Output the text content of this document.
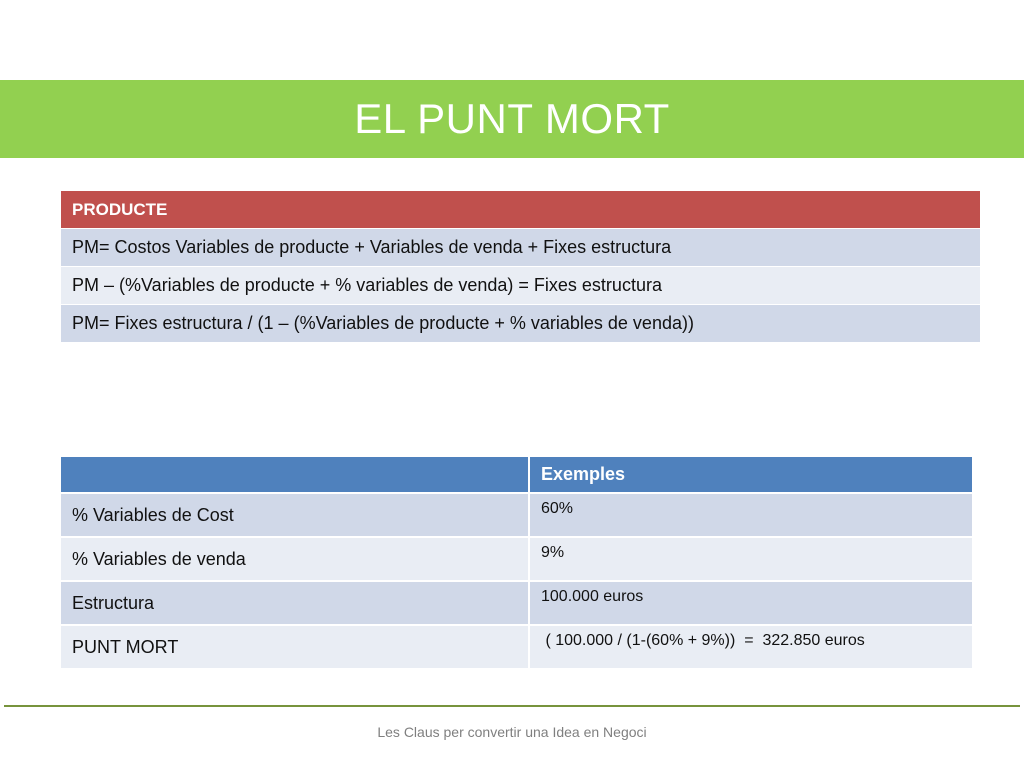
EL PUNT MORT
PRODUCTE
PM= Costos Variables de producte + Variables de venda + Fixes estructura
PM – (%Variables de producte + % variables de venda) = Fixes estructura
PM= Fixes estructura / (1 – (%Variables de producte + % variables de venda))
	Exemples
% Variables de Cost	60%
% Variables de venda	9%
Estructura	100.000 euros
PUNT MORT	( 100.000 / (1-(60% + 9%))  =  322.850 euros
Les Claus per convertir una Idea en Negoci
